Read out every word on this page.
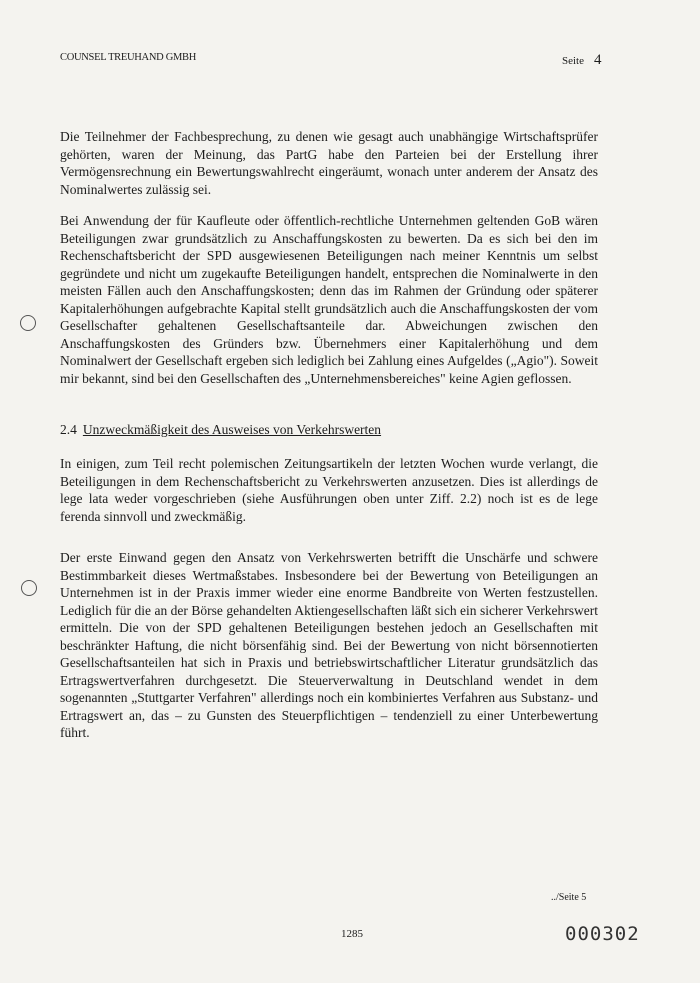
COUNSEL TREUHAND GMBH	Seite 4

Die Teilnehmer der Fachbesprechung, zu denen wie gesagt auch unabhängige Wirtschaftsprüfer gehörten, waren der Meinung, das PartG habe den Parteien bei der Erstellung ihrer Vermögensrechnung ein Bewertungswahlrecht eingeräumt, wonach unter anderem der Ansatz des Nominalwertes zulässig sei.

Bei Anwendung der für Kaufleute oder öffentlich-rechtliche Unternehmen geltenden GoB wären Beteiligungen zwar grundsätzlich zu Anschaffungskosten zu bewerten. Da es sich bei den im Rechenschaftsbericht der SPD ausgewiesenen Beteiligungen nach meiner Kenntnis um selbst gegründete und nicht um zugekaufte Beteiligungen handelt, entsprechen die Nominalwerte in den meisten Fällen auch den Anschaffungskosten; denn das im Rahmen der Gründung oder späterer Kapitalerhöhungen aufgebrachte Kapital stellt grundsätzlich auch die Anschaffungskosten der vom Gesellschafter gehaltenen Gesellschaftsanteile dar. Abweichungen zwischen den Anschaffungskosten des Gründers bzw. Übernehmers einer Kapitalerhöhung und dem Nominalwert der Gesellschaft ergeben sich lediglich bei Zahlung eines Aufgeldes („Agio"). Soweit mir bekannt, sind bei den Gesellschaften des „Unternehmensbereiches" keine Agien geflossen.

2.4 Unzweckmäßigkeit des Ausweises von Verkehrswerten

In einigen, zum Teil recht polemischen Zeitungsartikeln der letzten Wochen wurde verlangt, die Beteiligungen in dem Rechenschaftsbericht zu Verkehrswerten anzusetzen. Dies ist allerdings de lege lata weder vorgeschrieben (siehe Ausführungen oben unter Ziff. 2.2) noch ist es de lege ferenda sinnvoll und zweckmäßig.

Der erste Einwand gegen den Ansatz von Verkehrswerten betrifft die Unschärfe und schwere Bestimmbarkeit dieses Wertmaßstabes. Insbesondere bei der Bewertung von Beteiligungen an Unternehmen ist in der Praxis immer wieder eine enorme Bandbreite von Werten festzustellen. Lediglich für die an der Börse gehandelten Aktiengesellschaften läßt sich ein sicherer Verkehrswert ermitteln. Die von der SPD gehaltenen Beteiligungen bestehen jedoch an Gesellschaften mit beschränkter Haftung, die nicht börsenfähig sind. Bei der Bewertung von nicht börsennotierten Gesellschaftsanteilen hat sich in Praxis und betriebswirtschaftlicher Literatur grundsätzlich das Ertragswertverfahren durchgesetzt. Die Steuerverwaltung in Deutschland wendet in dem sogenannten „Stuttgarter Verfahren" allerdings noch ein kombiniertes Verfahren aus Substanz- und Ertragswert an, das – zu Gunsten des Steuerpflichtigen – tendenziell zu einer Unterbewertung führt.

../Seite 5
1285	000302
